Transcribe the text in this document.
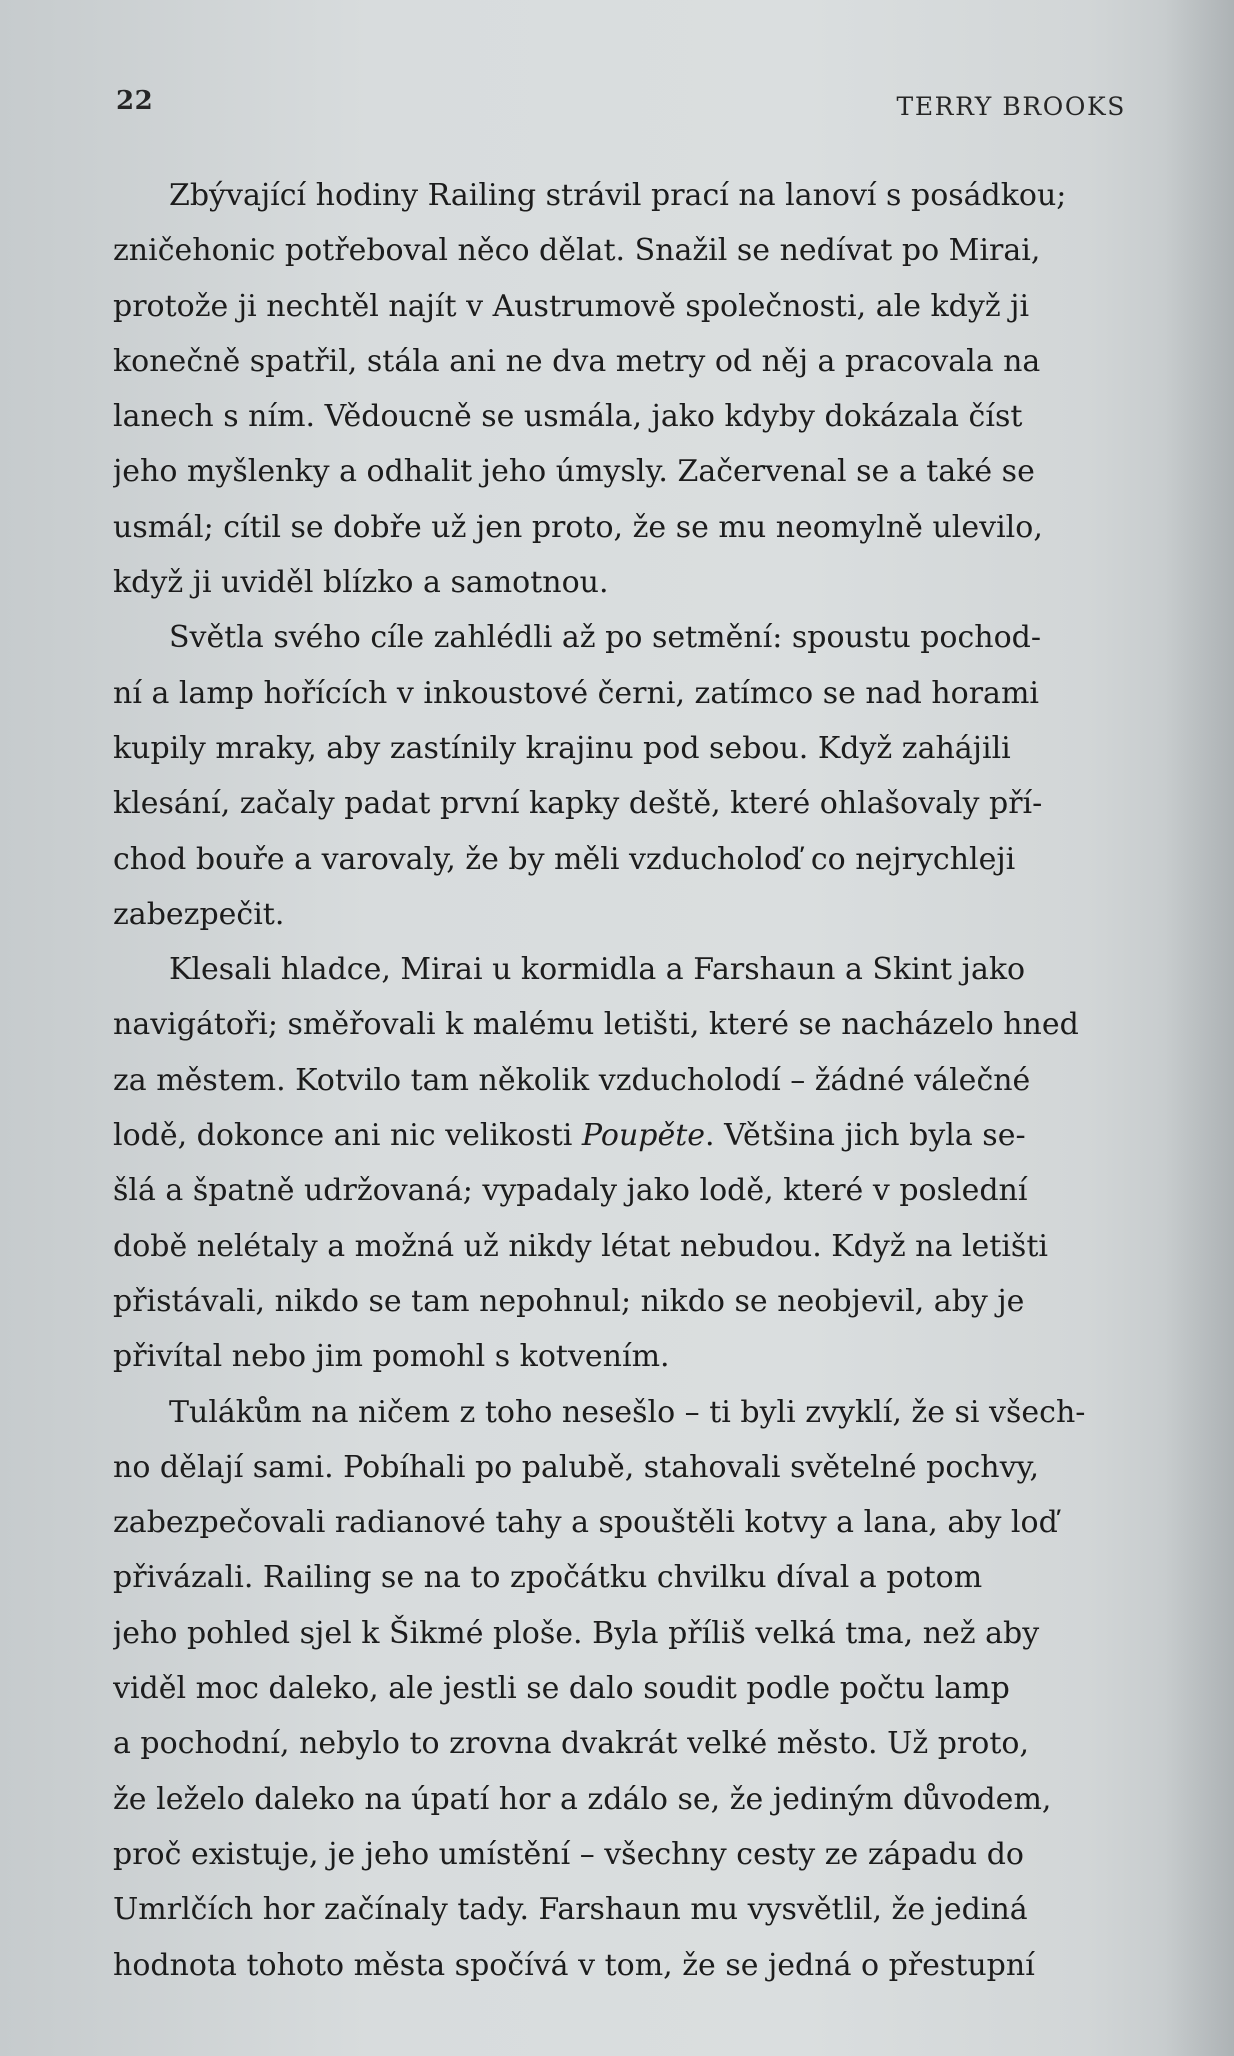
22	TERRY BROOKS
Zbývající hodiny Railing strávil prací na lanoví s posádkou;
zničehonic potřeboval něco dělat. Snažil se nedívat po Mirai,
protože ji nechtěl najít v Austrumově společnosti, ale když ji
konečně spatřil, stála ani ne dva metry od něj a pracovala na
lanech s ním. Vědoucně se usmála, jako kdyby dokázala číst
jeho myšlenky a odhalit jeho úmysly. Začervenal se a také se
usmál; cítil se dobře už jen proto, že se mu neomylně ulevilo,
když ji uviděl blízko a samotnou.
Světla svého cíle zahlédli až po setmění: spoustu pochod-
ní a lamp hořících v inkoustové černi, zatímco se nad horami
kupily mraky, aby zastínily krajinu pod sebou. Když zahájili
klesání, začaly padat první kapky deště, které ohlašovaly pří-
chod bouře a varovaly, že by měli vzducholoď co nejrychleji
zabezpečit.
Klesali hladce, Mirai u kormidla a Farshaun a Skint jako
navigátoři; směřovali k malému letišti, které se nacházelo hned
za městem. Kotvilo tam několik vzducholodí – žádné válečné
lodě, dokonce ani nic velikosti Poupěte. Většina jich byla se-
šlá a špatně udržovaná; vypadaly jako lodě, které v poslední
době nelétaly a možná už nikdy létat nebudou. Když na letišti
přistávali, nikdo se tam nepohnul; nikdo se neobjevil, aby je
přivítal nebo jim pomohl s kotvením.
Tulákům na ničem z toho nesešlo – ti byli zvyklí, že si všech-
no dělají sami. Pobíhali po palubě, stahovali světelné pochvy,
zabezpečovali radianové tahy a spouštěli kotvy a lana, aby loď
přivázali. Railing se na to zpočátku chvilku díval a potom
jeho pohled sjel k Šikmé ploše. Byla příliš velká tma, než aby
viděl moc daleko, ale jestli se dalo soudit podle počtu lamp
a pochodní, nebylo to zrovna dvakrát velké město. Už proto,
že leželo daleko na úpatí hor a zdálo se, že jediným důvodem,
proč existuje, je jeho umístění – všechny cesty ze západu do
Umrlčích hor začínaly tady. Farshaun mu vysvětlil, že jediná
hodnota tohoto města spočívá v tom, že se jedná o přestupní
